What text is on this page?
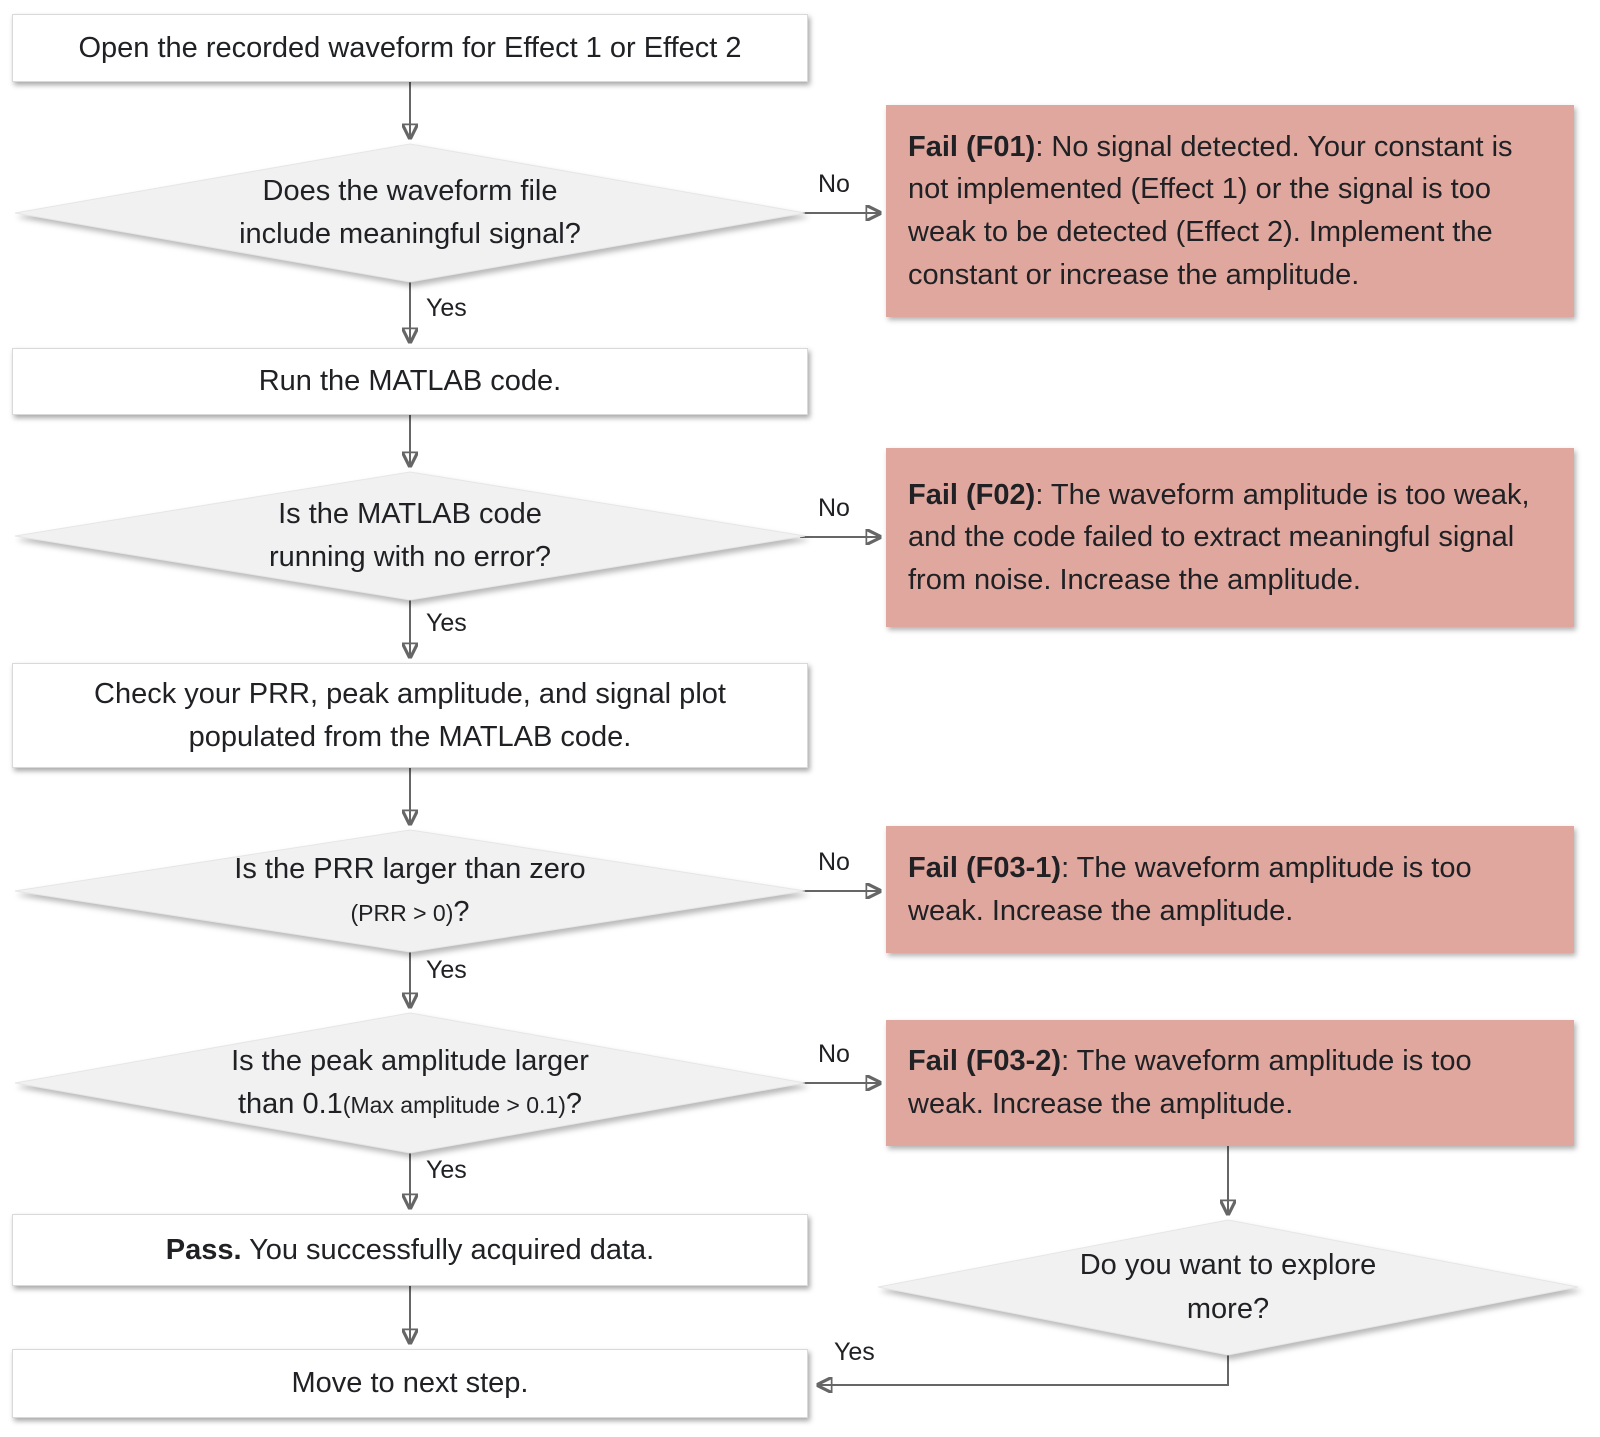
Open the recorded waveform for Effect 1 or Effect 2
Does the waveform file
include meaningful signal?
Run the MATLAB code.
Is the MATLAB code
running with no error?
Check your PRR, peak amplitude, and signal plot
populated from the MATLAB code.
Is the PRR larger than zero
(PRR > 0)?
Is the peak amplitude larger
than 0.1(Max amplitude > 0.1)?
Pass. You successfully acquired data.
Move to next step.
Fail (F01): No signal detected. Your constant is not implemented (Effect 1) or the signal is too weak to be detected (Effect 2). Implement the constant or increase the amplitude.
Fail (F02): The waveform amplitude is too weak, and the code failed to extract meaningful signal from noise. Increase the amplitude.
Fail (F03-1): The waveform amplitude is too weak. Increase the amplitude.
Fail (F03-2): The waveform amplitude is too weak. Increase the amplitude.
Do you want to explore
more?
Yes
Yes
Yes
Yes
Yes
No
No
No
No
